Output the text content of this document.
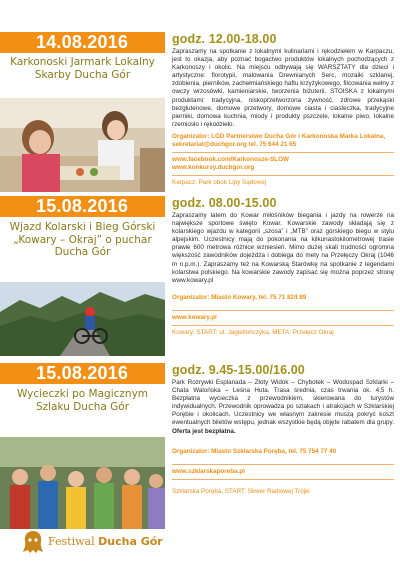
14.08.2016
Karkonoski Jarmark Lokalny Skarby Ducha Gór
godz. 12.00-18.00
Zapraszamy na spotkanie z lokalnymi kulinariami i rękodziełem w Karpaczu, jest to okazja, aby poznać bogactwo produktów lokalnych pochodzących z Karkonoszy i okolic. Na miejscu odbywają się WARSZTATY dla dzieci i artystyczne: florotypii, malowania Drewnianych Serc, mozaiki szklanej, zdobienia, pierników, zachełmiańskiego haftu krzyżykowego, filcowania wełny z owczy wrzosówki, kamieniarskie, tworzenia biżuterii. STOISKA z lokalnymi produktami: tradycyjna, niskoprzetworzona żywność, zdrowe przekąski bezglutenowe, domowe przetwory, domowe ciasta i ciasteczka, tradycyjne pierniki, domowa kuchnia, miody i produkty pszczele, lokalne piwo, lokalne rzemiosło i rękodzieło.
Organizator: LGD Partnerstwo Ducha Gór i Karkonoska Marka Lokalna, sekretariat@duchgor.org tel. 75 644 21 65
www.facebook.com/Karkonosze-SLOW
www.konkursy.duchgor.org
Karpacz, Park obok Lipy Sądowej
15.08.2016
Wjazd Kolarski i Bieg Górski „Kowary – Okraj” o puchar Ducha Gór
godz. 08.00-15.00
Zapraszamy latem do Kowar miłośników biegania i jazdy na rowerze na największe sportowe święto Kowar. Kowarskie zawody składają się z kolarskiego wjazdu w kategorii „szosa” i „MTB” oraz górskiego biegu w stylu alpejskim. Uczestnicy mają do pokonania na kilkunastokilometrowej trasie prawie 600 metrowa różnice wzniesień. Mimo dużej skali trudności ogromna większość zawodników dojeżdża i dobiega do mety na Przełęczy Okraj (1046 m n.p.m.). Zapraszamy też na Kowarską Starówkę na spotkanie z legendami kolarstwa polskiego. Na kowarskie zawody zapisać się można poprzez stronę www.kowary.pl
Organizator: Miasto Kowary, tel. 75 71 824 89
www.kowary.pl
Kowary: START: ul. Jagiellończyka, META: Przełęcz Okraj
15.08.2016
Wycieczki po Magicznym Szlaku Ducha Gór
godz. 9.45-15.00/16.00
Park Rozrywki Esplanada – Złoty Widok – Chybotek – Wodospad Szklarki – Chata Walońska – Leśna Huta. Trasa średnia, czas trwania ok. 4,5 h. Bezpłatna wycieczka z przewodnikiem, skierowana do turystów indywidualnych. Przewodnik oprowadza po szlakach i atrakcjach w Szklarskiej Porębie i okolicach. Uczestnicy we własnym zakresie muszą pokryć koszt ewentualnych biletów wstępu, jednak wszystkie będą objęte rabatem dla grupy. Oferta jest bezpłatna.
Organizator: Miasto Szklarska Poręba, tel. 75 754 77 40
www.szklarskaporeba.pl
Szklarska Poręba, START: Skwer Radiowej Trójki
Festiwal Ducha Gór
